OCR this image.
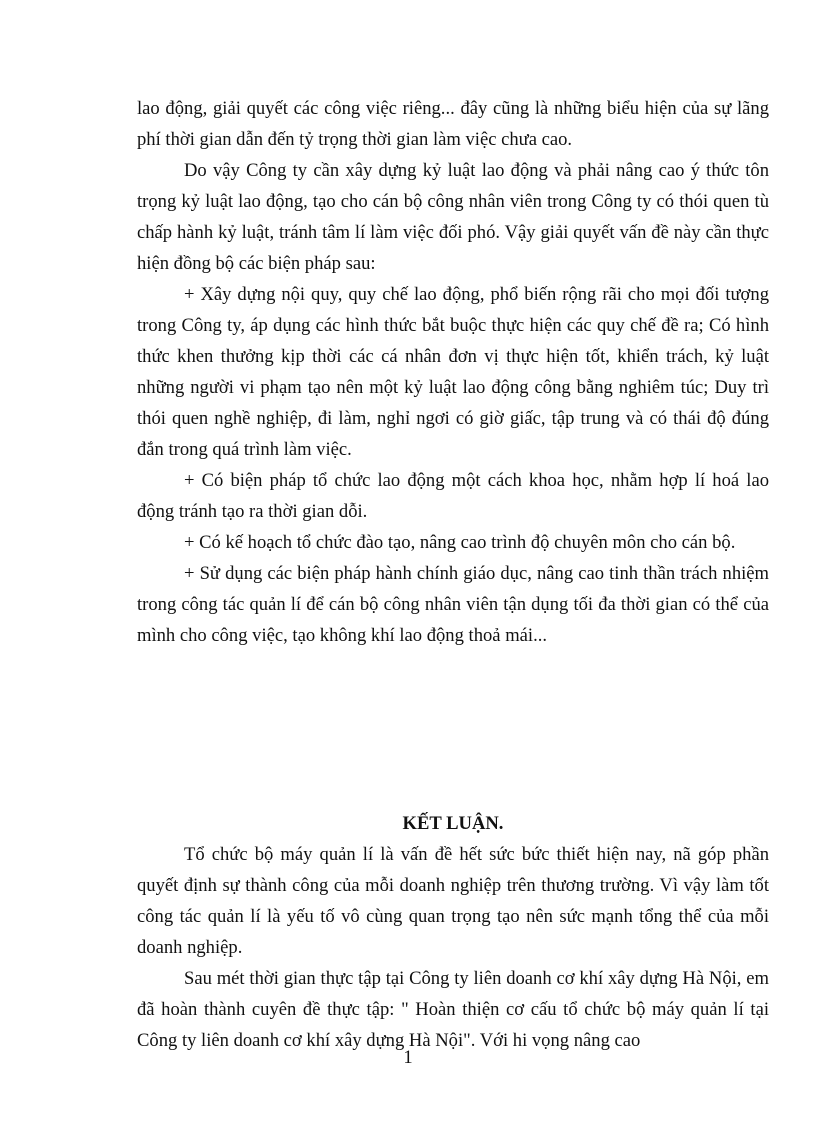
lao động, giải quyết các công việc riêng... đây cũng là những biểu hiện của sự lãng phí thời gian dẫn đến tỷ trọng thời gian làm việc chưa cao.

Do vậy Công ty cần xây dựng kỷ luật lao động và phải nâng cao ý thức tôn trọng kỷ luật lao động, tạo cho cán bộ công nhân viên trong Công ty có thói quen tù chấp hành kỷ luật, tránh tâm lí làm việc đối phó. Vậy giải quyết vấn đề này cần thực hiện đồng bộ các biện pháp sau:

+ Xây dựng nội quy, quy chế lao động, phổ biến rộng rãi cho mọi đối tượng trong Công ty, áp dụng các hình thức bắt buộc thực hiện các quy chế đề ra; Có hình thức khen thưởng kịp thời các cá nhân đơn vị thực hiện tốt, khiển trách, kỷ luật những người vi phạm tạo nên một kỷ luật lao động công bằng nghiêm túc; Duy trì thói quen nghề nghiệp, đi làm, nghỉ ngơi có giờ giấc, tập trung và có thái độ đúng đắn trong quá trình làm việc.

+ Có biện pháp tổ chức lao động một cách khoa học, nhằm hợp lí hoá lao động tránh tạo ra thời gian dỗi.

+ Có kế hoạch tổ chức đào tạo, nâng cao trình độ chuyên môn cho cán bộ.

+ Sử dụng các biện pháp hành chính giáo dục, nâng cao tinh thần trách nhiệm trong công tác quản lí để cán bộ công nhân viên tận dụng tối đa thời gian có thể của mình cho công việc, tạo không khí lao động thoả mái...

KẾT LUẬN.

Tổ chức bộ máy quản lí là vấn đề hết sức bức thiết hiện nay, nã góp phần quyết định sự thành công của mỗi doanh nghiệp trên thương trường. Vì vậy làm tốt công tác quản lí là yếu tố vô cùng quan trọng tạo nên sức mạnh tổng thể của mỗi doanh nghiệp.

Sau mét thời gian thực tập tại Công ty liên doanh cơ khí xây dựng Hà Nội, em đã hoàn thành cuyên đề thực tập: " Hoàn thiện cơ cấu tổ chức bộ máy quản lí tại Công ty liên doanh cơ khí xây dựng Hà Nội". Với hi vọng nâng cao

1
